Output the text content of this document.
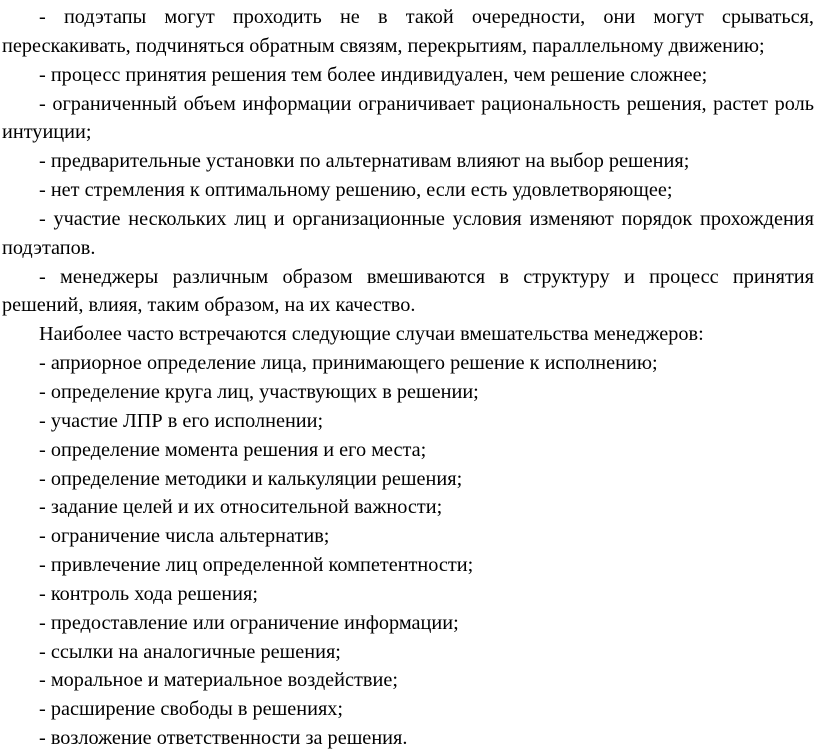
- подэтапы могут проходить не в такой очередности, они могут срываться, перескакивать, подчиняться обратным связям, перекрытиям, параллельному движению;

- процесс принятия решения тем более индивидуален, чем решение сложнее;

- ограниченный объем информации ограничивает рациональность решения, растет роль интуиции;

- предварительные установки по альтернативам влияют на выбор решения;

- нет стремления к оптимальному решению, если есть удовлетворяющее;

- участие нескольких лиц и организационные условия изменяют порядок прохождения подэтапов.

- менеджеры различным образом вмешиваются в структуру и процесс принятия решений, влияя, таким образом, на их качество.

Наиболее часто встречаются следующие случаи вмешательства менеджеров:

- априорное определение лица, принимающего решение к исполнению;

- определение круга лиц, участвующих в решении;

- участие ЛПР в его исполнении;

- определение момента решения и его места;

- определение методики и калькуляции решения;

- задание целей и их относительной важности;

- ограничение числа альтернатив;

- привлечение лиц определенной компетентности;

- контроль хода решения;

- предоставление или ограничение информации;

- ссылки на аналогичные решения;

- моральное и материальное воздействие;

- расширение свободы в решениях;

- возложение ответственности за решения.
